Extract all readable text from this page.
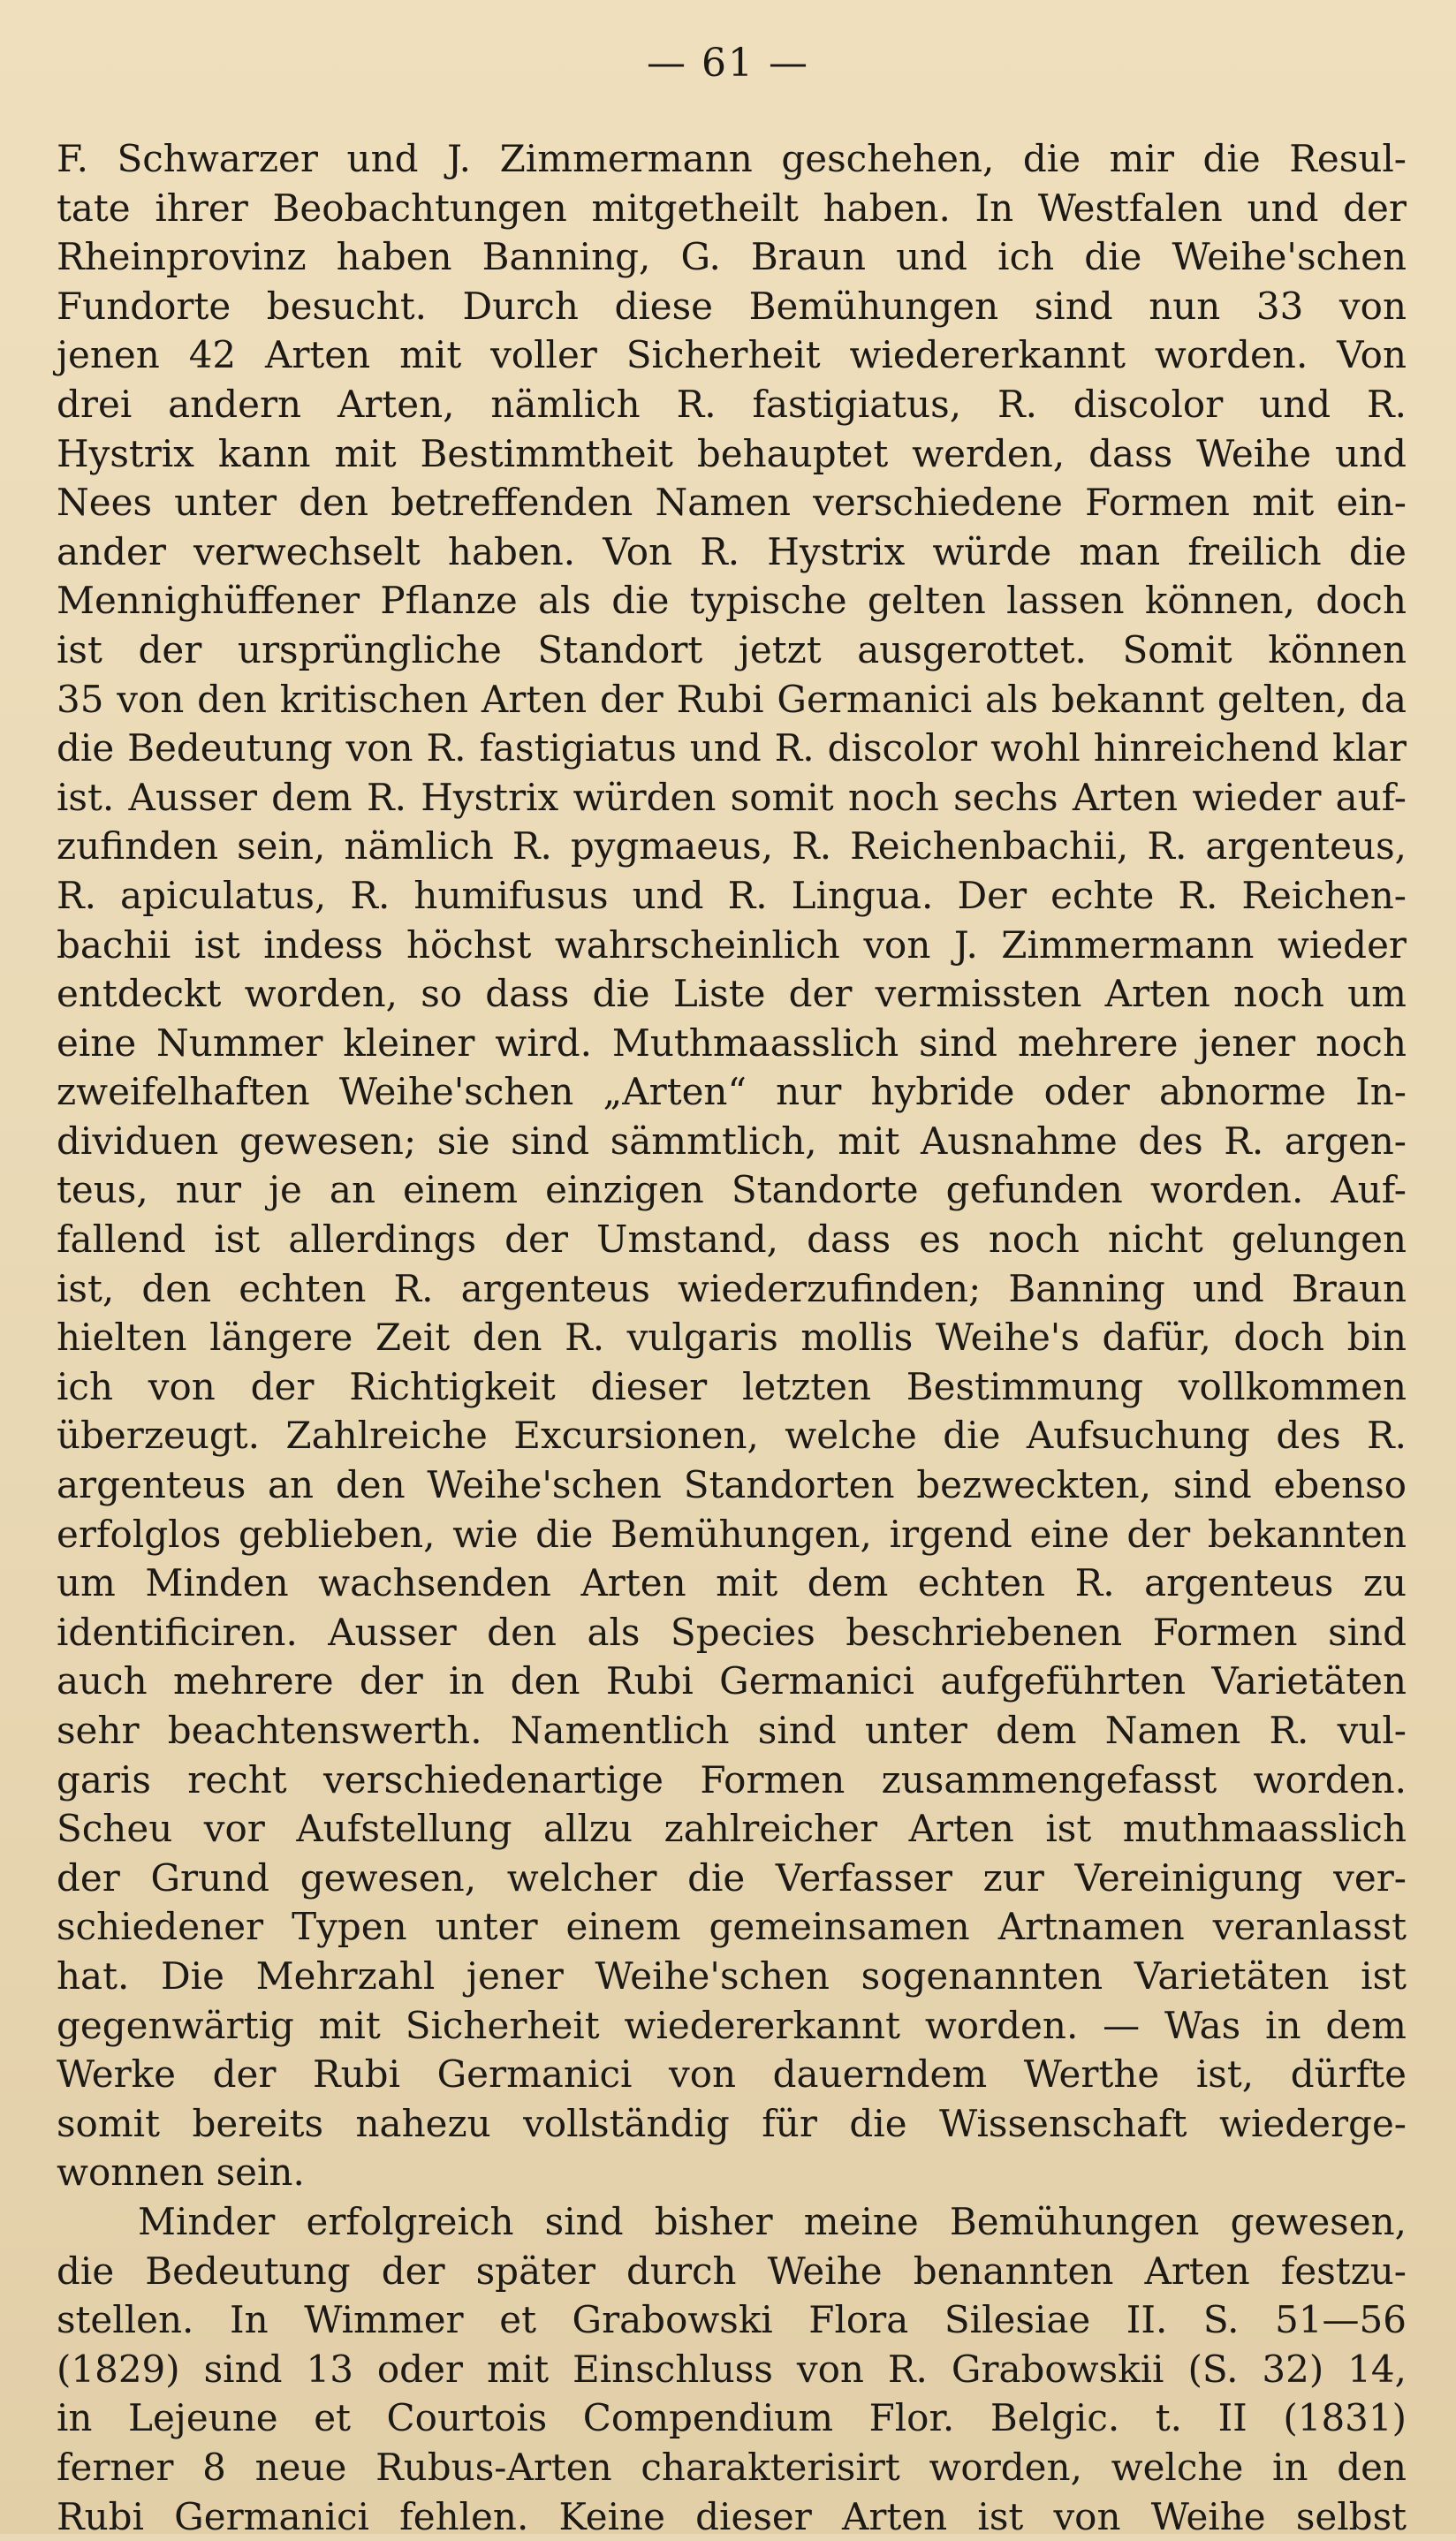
— 61 —
F. Schwarzer und J. Zimmermann geschehen, die mir die Resul-
tate ihrer Beobachtungen mitgetheilt haben. In Westfalen und der
Rheinprovinz haben Banning, G. Braun und ich die Weihe'schen
Fundorte besucht. Durch diese Bemühungen sind nun 33 von
jenen 42 Arten mit voller Sicherheit wiedererkannt worden. Von
drei andern Arten, nämlich R. fastigiatus, R. discolor und R.
Hystrix kann mit Bestimmtheit behauptet werden, dass Weihe und
Nees unter den betreffenden Namen verschiedene Formen mit ein-
ander verwechselt haben. Von R. Hystrix würde man freilich die
Mennighüffener Pflanze als die typische gelten lassen können, doch
ist der ursprüngliche Standort jetzt ausgerottet. Somit können
35 von den kritischen Arten der Rubi Germanici als bekannt gelten, da
die Bedeutung von R. fastigiatus und R. discolor wohl hinreichend klar
ist. Ausser dem R. Hystrix würden somit noch sechs Arten wieder auf-
zufinden sein, nämlich R. pygmaeus, R. Reichenbachii, R. argenteus,
R. apiculatus, R. humifusus und R. Lingua. Der echte R. Reichen-
bachii ist indess höchst wahrscheinlich von J. Zimmermann wieder
entdeckt worden, so dass die Liste der vermissten Arten noch um
eine Nummer kleiner wird. Muthmaasslich sind mehrere jener noch
zweifelhaften Weihe'schen „Arten“ nur hybride oder abnorme In-
dividuen gewesen; sie sind sämmtlich, mit Ausnahme des R. argen-
teus, nur je an einem einzigen Standorte gefunden worden. Auf-
fallend ist allerdings der Umstand, dass es noch nicht gelungen
ist, den echten R. argenteus wiederzufinden; Banning und Braun
hielten längere Zeit den R. vulgaris mollis Weihe's dafür, doch bin
ich von der Richtigkeit dieser letzten Bestimmung vollkommen
überzeugt. Zahlreiche Excursionen, welche die Aufsuchung des R.
argenteus an den Weihe'schen Standorten bezweckten, sind ebenso
erfolglos geblieben, wie die Bemühungen, irgend eine der bekannten
um Minden wachsenden Arten mit dem echten R. argenteus zu
identificiren. Ausser den als Species beschriebenen Formen sind
auch mehrere der in den Rubi Germanici aufgeführten Varietäten
sehr beachtenswerth. Namentlich sind unter dem Namen R. vul-
garis recht verschiedenartige Formen zusammengefasst worden.
Scheu vor Aufstellung allzu zahlreicher Arten ist muthmaasslich
der Grund gewesen, welcher die Verfasser zur Vereinigung ver-
schiedener Typen unter einem gemeinsamen Artnamen veranlasst
hat. Die Mehrzahl jener Weihe'schen sogenannten Varietäten ist
gegenwärtig mit Sicherheit wiedererkannt worden. — Was in dem
Werke der Rubi Germanici von dauerndem Werthe ist, dürfte
somit bereits nahezu vollständig für die Wissenschaft wiederge-
wonnen sein.
Minder erfolgreich sind bisher meine Bemühungen gewesen,
die Bedeutung der später durch Weihe benannten Arten festzu-
stellen. In Wimmer et Grabowski Flora Silesiae II. S. 51—56
(1829) sind 13 oder mit Einschluss von R. Grabowskii (S. 32) 14,
in Lejeune et Courtois Compendium Flor. Belgic. t. II (1831)
ferner 8 neue Rubus-Arten charakterisirt worden, welche in den
Rubi Germanici fehlen. Keine dieser Arten ist von Weihe selbst
